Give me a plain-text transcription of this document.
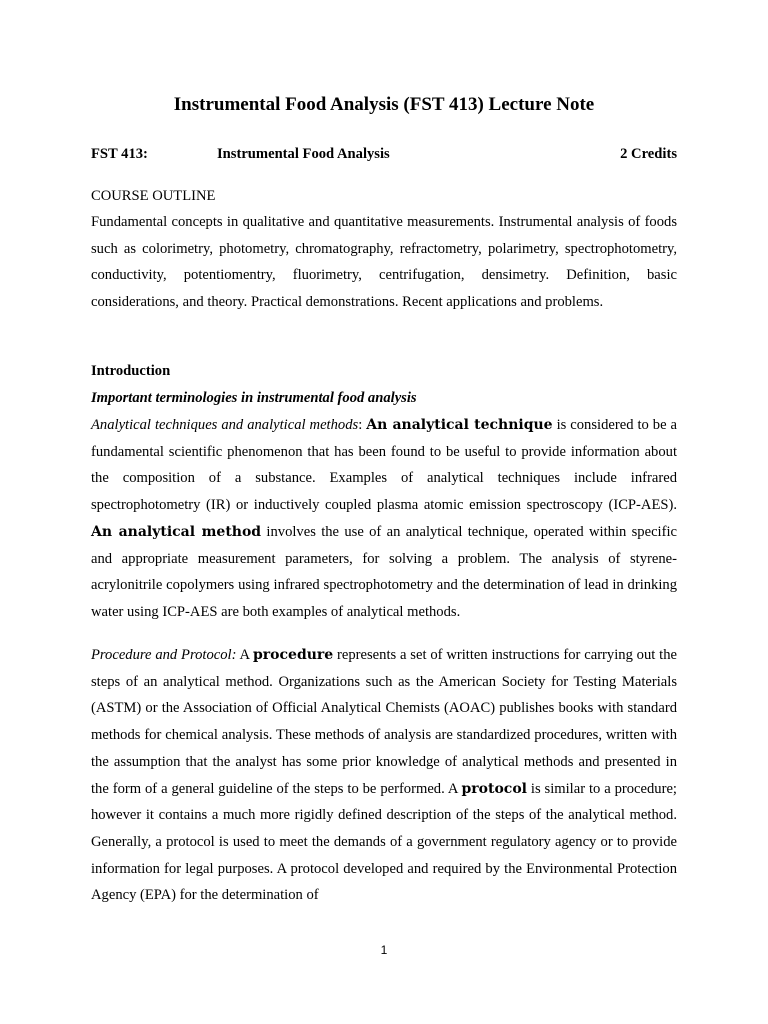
Instrumental Food Analysis (FST 413) Lecture Note
FST 413:	Instrumental Food Analysis	2 Credits
COURSE OUTLINE

Fundamental concepts in qualitative and quantitative measurements. Instrumental analysis of foods such as colorimetry, photometry, chromatography, refractometry, polarimetry, spectrophotometry, conductivity, potentiomentry, fluorimetry, centrifugation, densimetry. Definition, basic considerations, and theory. Practical demonstrations. Recent applications and problems.

Introduction
Important terminologies in instrumental food analysis

Analytical techniques and analytical methods: An analytical technique is considered to be a fundamental scientific phenomenon that has been found to be useful to provide information about the composition of a substance. Examples of analytical techniques include infrared spectrophotometry (IR) or inductively coupled plasma atomic emission spectroscopy (ICP-AES). An analytical method involves the use of an analytical technique, operated within specific and appropriate measurement parameters, for solving a problem. The analysis of styrene-acrylonitrile copolymers using infrared spectrophotometry and the determination of lead in drinking water using ICP-AES are both examples of analytical methods.

Procedure and Protocol: A procedure represents a set of written instructions for carrying out the steps of an analytical method. Organizations such as the American Society for Testing Materials (ASTM) or the Association of Official Analytical Chemists (AOAC) publishes books with standard methods for chemical analysis. These methods of analysis are standardized procedures, written with the assumption that the analyst has some prior knowledge of analytical methods and presented in the form of a general guideline of the steps to be performed. A protocol is similar to a procedure; however it contains a much more rigidly defined description of the steps of the analytical method. Generally, a protocol is used to meet the demands of a government regulatory agency or to provide information for legal purposes. A protocol developed and required by the Environmental Protection Agency (EPA) for the determination of

1
